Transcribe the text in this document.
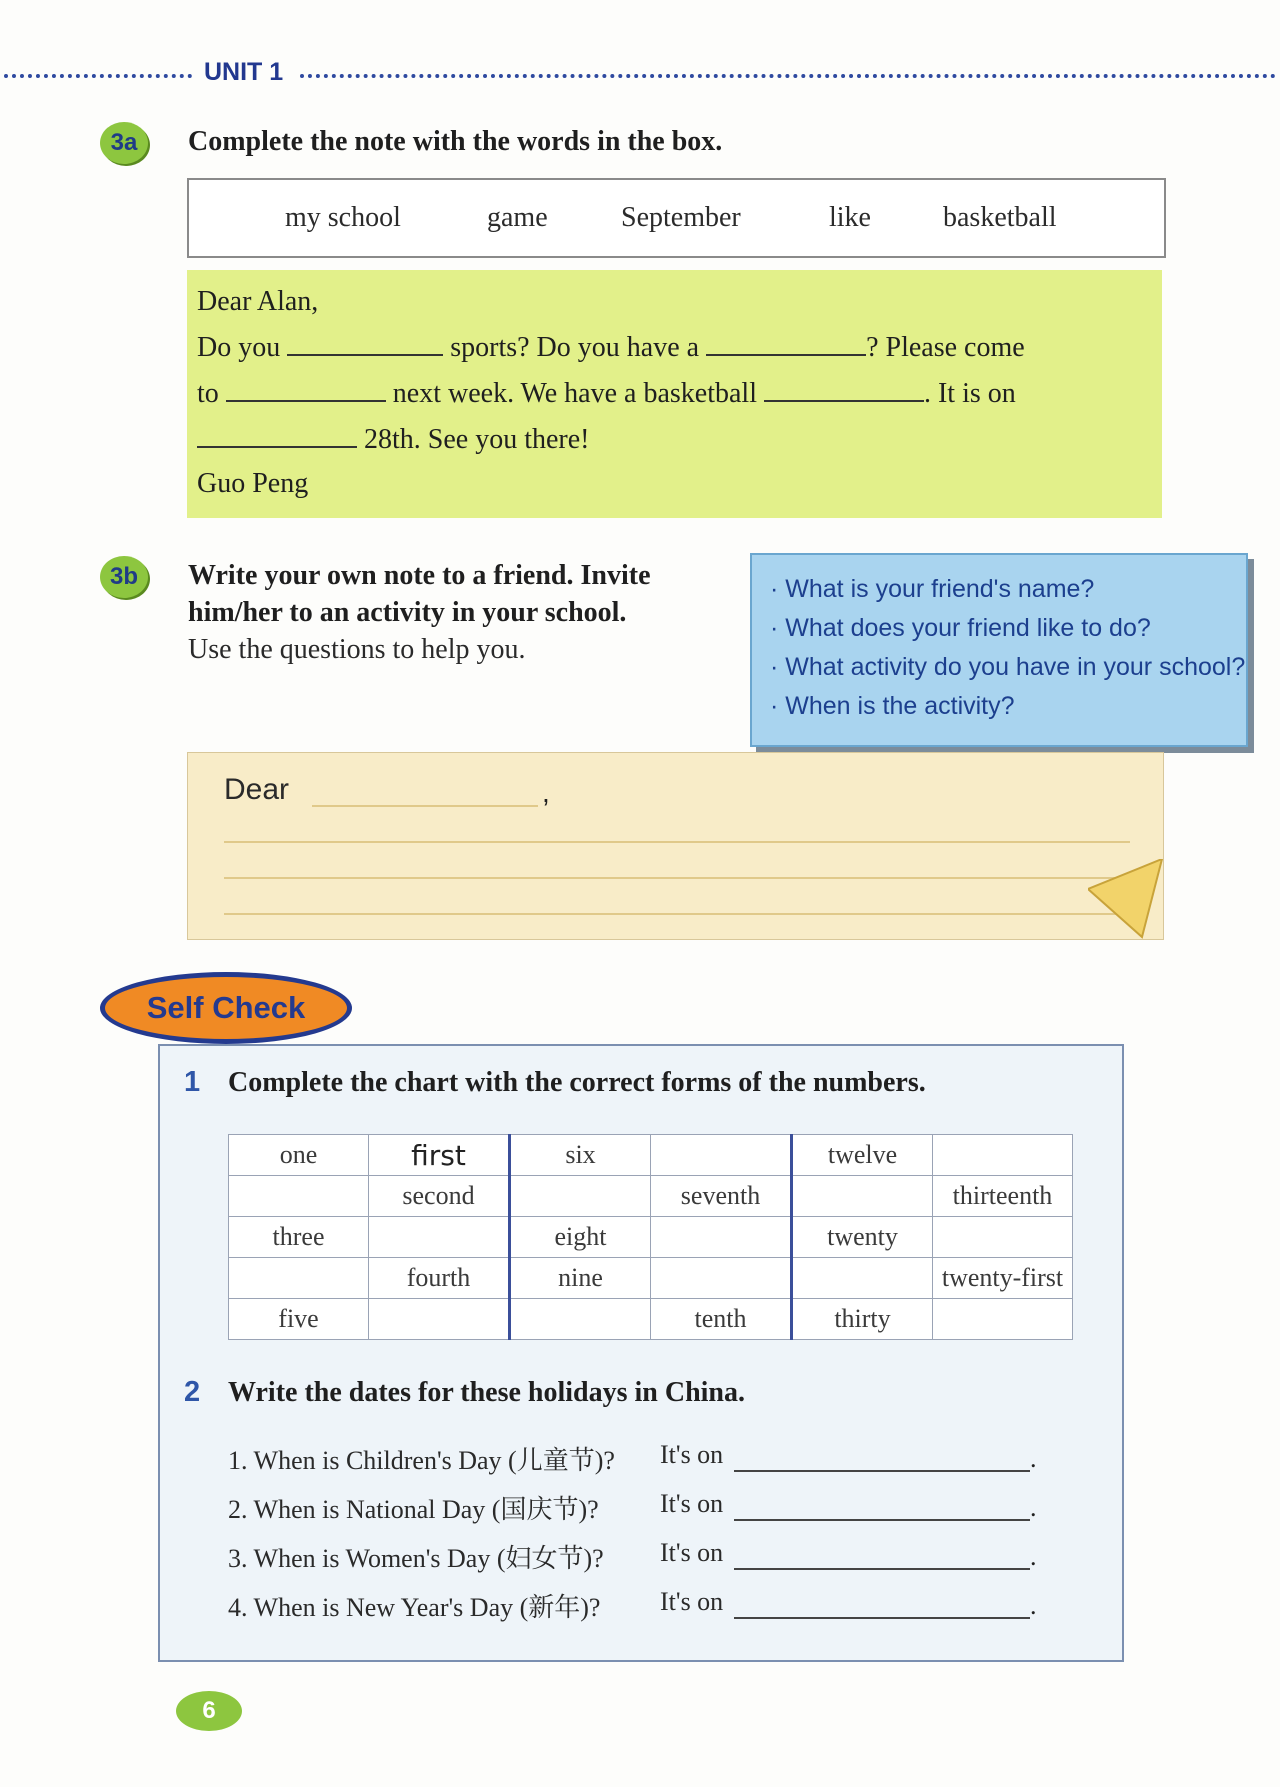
UNIT 1
3a	Complete the note with the words in the box.
my school	game	September	like	basketball
Dear Alan,
Do you	sports? Do you have a	? Please come
to	next week. We have a basketball	. It is on
28th. See you there!
Guo Peng
3b	Write your own note to a friend. Invite
him/her to an activity in your school.
Use the questions to help you.
· What is your friend's name?
· What does your friend like to do?
· What activity do you have in your school?
· When is the activity?
Dear	,
Self Check
1 Complete the chart with the correct forms of the numbers.
one	first	six		twelve	
	second		seventh		thirteenth
three		eight		twenty	
	fourth	nine			twenty-first
five			tenth	thirty	
2 Write the dates for these holidays in China.
1. When is Children's Day (儿童节)? It's on	.
2. When is National Day (国庆节)? It's on	.
3. When is Women's Day (妇女节)? It's on	.
4. When is New Year's Day (新年)? It's on	.
6
